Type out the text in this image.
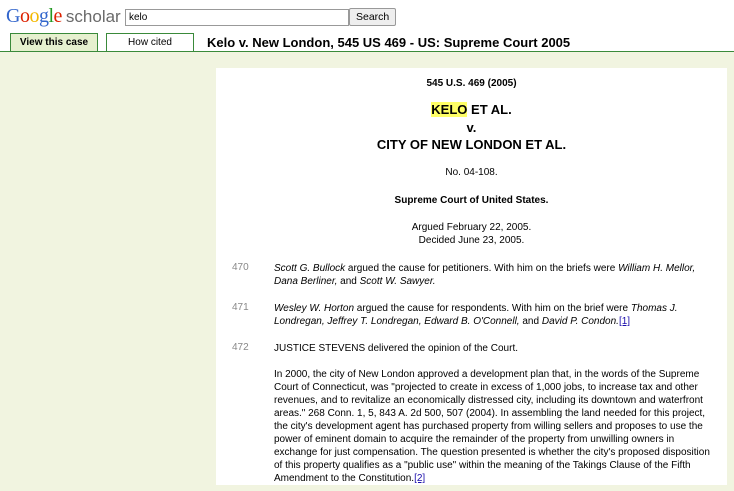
Google scholar
kelo	Search
View this case	How cited	Kelo v. New London, 545 US 469 - US: Supreme Court 2005
545 U.S. 469 (2005)
KELO ET AL.
v.
CITY OF NEW LONDON ET AL.
No. 04-108.
Supreme Court of United States.
Argued February 22, 2005.
Decided June 23, 2005.
470	Scott G. Bullock argued the cause for petitioners. With him on the briefs were William H. Mellor, Dana Berliner, and Scott W. Sawyer.
471	Wesley W. Horton argued the cause for respondents. With him on the brief were Thomas J. Londregan, Jeffrey T. Londregan, Edward B. O'Connell, and David P. Condon.[1]
472	JUSTICE STEVENS delivered the opinion of the Court.
In 2000, the city of New London approved a development plan that, in the words of the Supreme Court of Connecticut, was "projected to create in excess of 1,000 jobs, to increase tax and other revenues, and to revitalize an economically distressed city, including its downtown and waterfront areas." 268 Conn. 1, 5, 843 A. 2d 500, 507 (2004). In assembling the land needed for this project, the city's development agent has purchased property from willing sellers and proposes to use the power of eminent domain to acquire the remainder of the property from unwilling owners in exchange for just compensation. The question presented is whether the city's proposed disposition of this property qualifies as a "public use" within the meaning of the Takings Clause of the Fifth Amendment to the Constitution.[2]
